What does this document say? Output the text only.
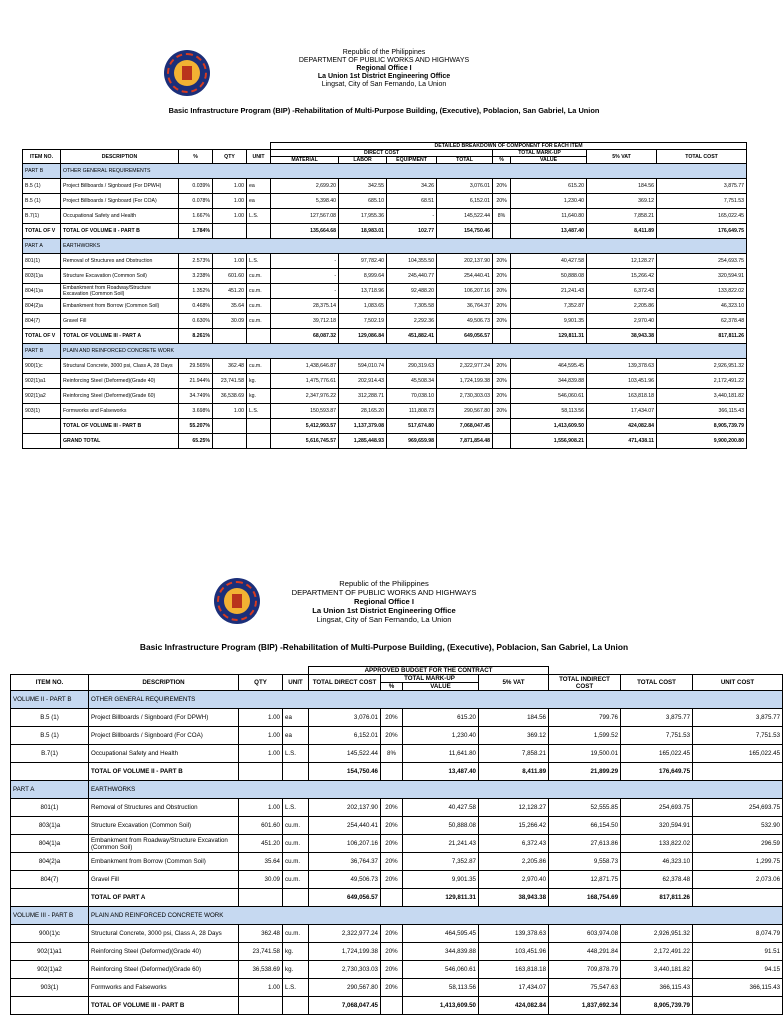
Republic of the Philippines
DEPARTMENT OF PUBLIC WORKS AND HIGHWAYS
Regional Office I
La Union 1st District Engineering Office
Lingsat, City of San Fernando, La Union
Basic Infrastructure Program (BIP) -Rehabilitation of Multi-Purpose Building, (Executive), Poblacion, San Gabriel, La Union
					DETAILED BREAKDOWN OF COMPONENT FOR EACH ITEM							
ITEM NO.	DESCRIPTION	%	QTY	UNIT	DIRECT COST				TOTAL MARK-UP		5% VAT	TOTAL COST
					MATERIAL	LABOR	EQUIPMENT	TOTAL	%	VALUE		
PART B	OTHER GENERAL REQUIREMENTS											
B.5 (1)	Project Billboards / Signboard (For DPWH)	0.039%	1.00	ea	2,699.20	342.55	34.26	3,076.01	20%	615.20	184.56	3,875.77
B.5 (1)	Project Billboards / Signboard (For COA)	0.078%	1.00	ea	5,398.40	685.10	68.51	6,152.01	20%	1,230.40	369.12	7,751.53
B.7(1)	Occupational Safety and Health	1.667%	1.00	L.S.	127,567.08	17,955.36	-	145,522.44	8%	11,640.80	7,858.21	165,022.45
TOTAL OF V	TOTAL OF VOLUME II - PART B	1.784%			135,664.68	18,983.01	102.77	154,750.46		13,487.40	8,411.89	176,649.75
PART A	EARTHWORKS											
801(1)	Removal of Structures and Obstruction	2.573%	1.00	L.S.	-	97,782.40	104,355.50	202,137.90	20%	40,427.58	12,128.27	254,693.75
803(1)a	Structure Excavation (Common Soil)	3.238%	601.60	cu.m.	-	8,999.64	245,440.77	254,440.41	20%	50,888.08	15,266.42	320,594.91
804(1)a	Embankment from Roadway/Structure Excavation (Common Soil)	1.352%	451.20	cu.m.	-	13,718.96	92,488.20	106,207.16	20%	21,241.43	6,372.43	133,822.02
804(2)a	Embankment from Borrow (Common Soil)	0.468%	35.64	cu.m.	28,375.14	1,083.65	7,305.58	36,764.37	20%	7,352.87	2,205.86	46,323.10
804(7)	Gravel Fill	0.630%	30.09	cu.m.	39,712.18	7,502.19	2,292.36	49,506.73	20%	9,901.35	2,970.40	62,378.48
TOTAL OF V	TOTAL OF VOLUME III - PART A	8.261%			68,087.32	129,086.84	451,882.41	649,056.57		129,811.31	38,943.38	817,811.26
PART B	PLAIN AND REINFORCED CONCRETE WORK											
900(1)c	Structural Concrete, 3000 psi, Class A, 28 Days	29.565%	362.48	cu.m.	1,438,646.87	594,010.74	290,319.63	2,322,977.24	20%	464,595.45	139,378.63	2,926,951.32
902(1)a1	Reinforcing Steel (Deformed)(Grade 40)	21.944%	23,741.58	kg.	1,475,776.61	202,914.43	45,508.34	1,724,199.38	20%	344,839.88	103,451.96	2,172,491.22
902(1)a2	Reinforcing Steel (Deformed)(Grade 60)	34.749%	36,538.69	kg.	2,347,976.22	312,288.71	70,038.10	2,730,303.03	20%	546,060.61	163,818.18	3,440,181.82
903(1)	Formworks and Falseworks	3.698%	1.00	L.S.	150,593.87	28,165.20	111,808.73	290,567.80	20%	58,113.56	17,434.07	366,115.43
	TOTAL OF VOLUME III - PART B	55.207%			5,412,993.57	1,137,379.08	517,674.80	7,068,047.45		1,413,609.50	424,082.84	8,905,739.79
	GRAND TOTAL	65.25%			5,616,745.57	1,285,448.93	969,659.98	7,871,854.48		1,556,908.21	471,438.11	9,900,200.80
Republic of the Philippines
DEPARTMENT OF PUBLIC WORKS AND HIGHWAYS
Regional Office I
La Union 1st District Engineering Office
Lingsat, City of San Fernando, La Union
Basic Infrastructure Program (BIP) -Rehabilitation of Multi-Purpose Building, (Executive), Poblacion, San Gabriel, La Union
				APPROVED BUDGET FOR THE CONTRACT						
ITEM NO.	DESCRIPTION	QTY	UNIT	TOTAL DIRECT COST	TOTAL MARK-UP		5% VAT	TOTAL INDIRECT COST	TOTAL COST	UNIT COST
					%	VALUE				
VOLUME II - PART B	OTHER GENERAL REQUIREMENTS									
B.5 (1)	Project Billboards / Signboard (For DPWH)	1.00	ea	3,076.01	20%	615.20	184.56	799.76	3,875.77	3,875.77
B.5 (1)	Project Billboards / Signboard (For COA)	1.00	ea	6,152.01	20%	1,230.40	369.12	1,599.52	7,751.53	7,751.53
B.7(1)	Occupational Safety and Health	1.00	L.S.	145,522.44	8%	11,641.80	7,858.21	19,500.01	165,022.45	165,022.45
	TOTAL OF VOLUME II - PART B			154,750.46		13,487.40	8,411.89	21,899.29	176,649.75	
PART A	EARTHWORKS									
801(1)	Removal of Structures and Obstruction	1.00	L.S.	202,137.90	20%	40,427.58	12,128.27	52,555.85	254,693.75	254,693.75
803(1)a	Structure Excavation (Common Soil)	601.60	cu.m.	254,440.41	20%	50,888.08	15,266.42	66,154.50	320,594.91	532.90
804(1)a	Embankment from Roadway/Structure Excavation (Common Soil)	451.20	cu.m.	106,207.16	20%	21,241.43	6,372.43	27,613.86	133,822.02	296.59
804(2)a	Embankment from Borrow (Common Soil)	35.64	cu.m.	36,764.37	20%	7,352.87	2,205.86	9,558.73	46,323.10	1,299.75
804(7)	Gravel Fill	30.09	cu.m.	49,506.73	20%	9,901.35	2,970.40	12,871.75	62,378.48	2,073.06
	TOTAL OF PART A			649,056.57		129,811.31	38,943.38	168,754.69	817,811.26	
VOLUME III - PART B	PLAIN AND REINFORCED CONCRETE WORK									
900(1)c	Structural Concrete, 3000 psi, Class A, 28 Days	362.48	cu.m.	2,322,977.24	20%	464,595.45	139,378.63	603,974.08	2,926,951.32	8,074.79
902(1)a1	Reinforcing Steel (Deformed)(Grade 40)	23,741.58	kg.	1,724,199.38	20%	344,839.88	103,451.96	448,291.84	2,172,491.22	91.51
902(1)a2	Reinforcing Steel (Deformed)(Grade 60)	36,538.69	kg.	2,730,303.03	20%	546,060.61	163,818.18	709,878.79	3,440,181.82	94.15
903(1)	Formworks and Falseworks	1.00	L.S.	290,567.80	20%	58,113.56	17,434.07	75,547.63	366,115.43	366,115.43
	TOTAL OF VOLUME III - PART B			7,068,047.45		1,413,609.50	424,082.84	1,837,692.34	8,905,739.79	
